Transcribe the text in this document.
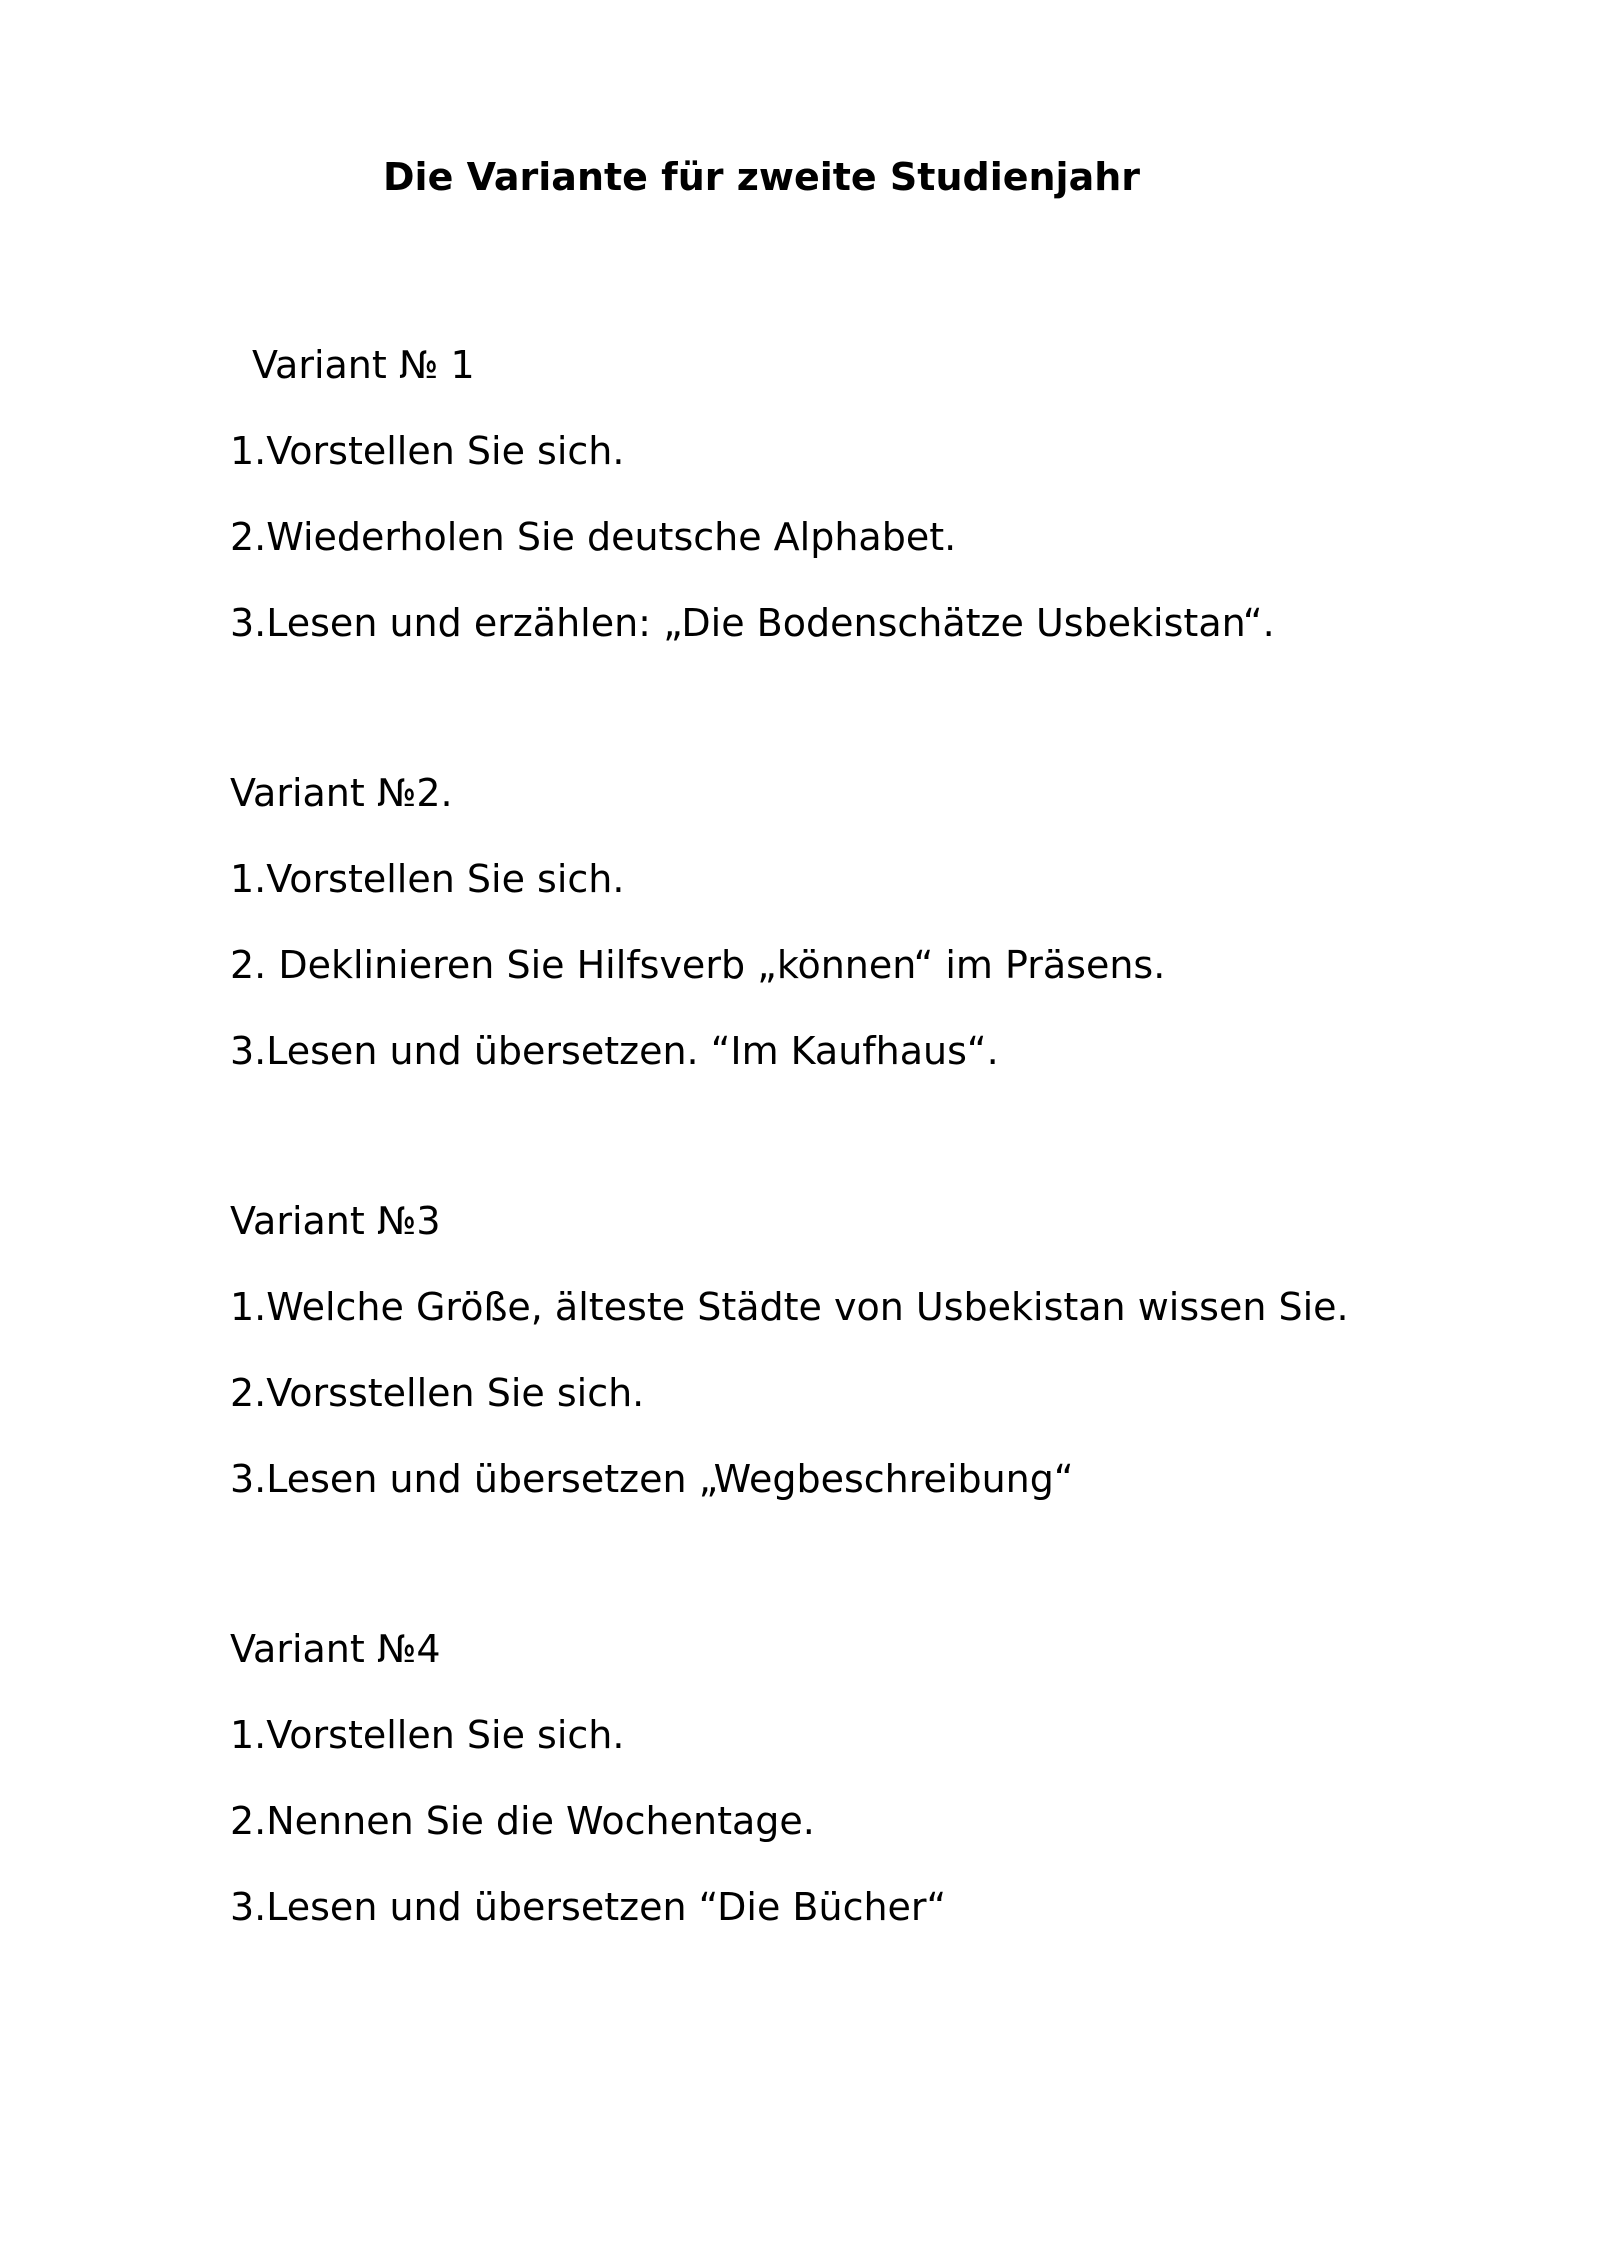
Die Variante für zweite Studienjahr
Variant № 1
1.Vorstellen Sie sich.
2.Wiederholen Sie deutsche Alphabet.
3.Lesen und erzählen: „Die Bodenschätze Usbekistan“.
Variant №2.
1.Vorstellen Sie sich.
2. Deklinieren Sie Hilfsverb „können“ im Präsens.
3.Lesen und übersetzen. “Im Kaufhaus“.
Variant №3
1.Welche Größe, älteste Städte von Usbekistan wissen Sie.
2.Vorsstellen Sie sich.
3.Lesen und übersetzen „Wegbeschreibung“
Variant №4
1.Vorstellen Sie sich.
2.Nennen Sie die Wochentage.
3.Lesen und übersetzen “Die Bücher“
